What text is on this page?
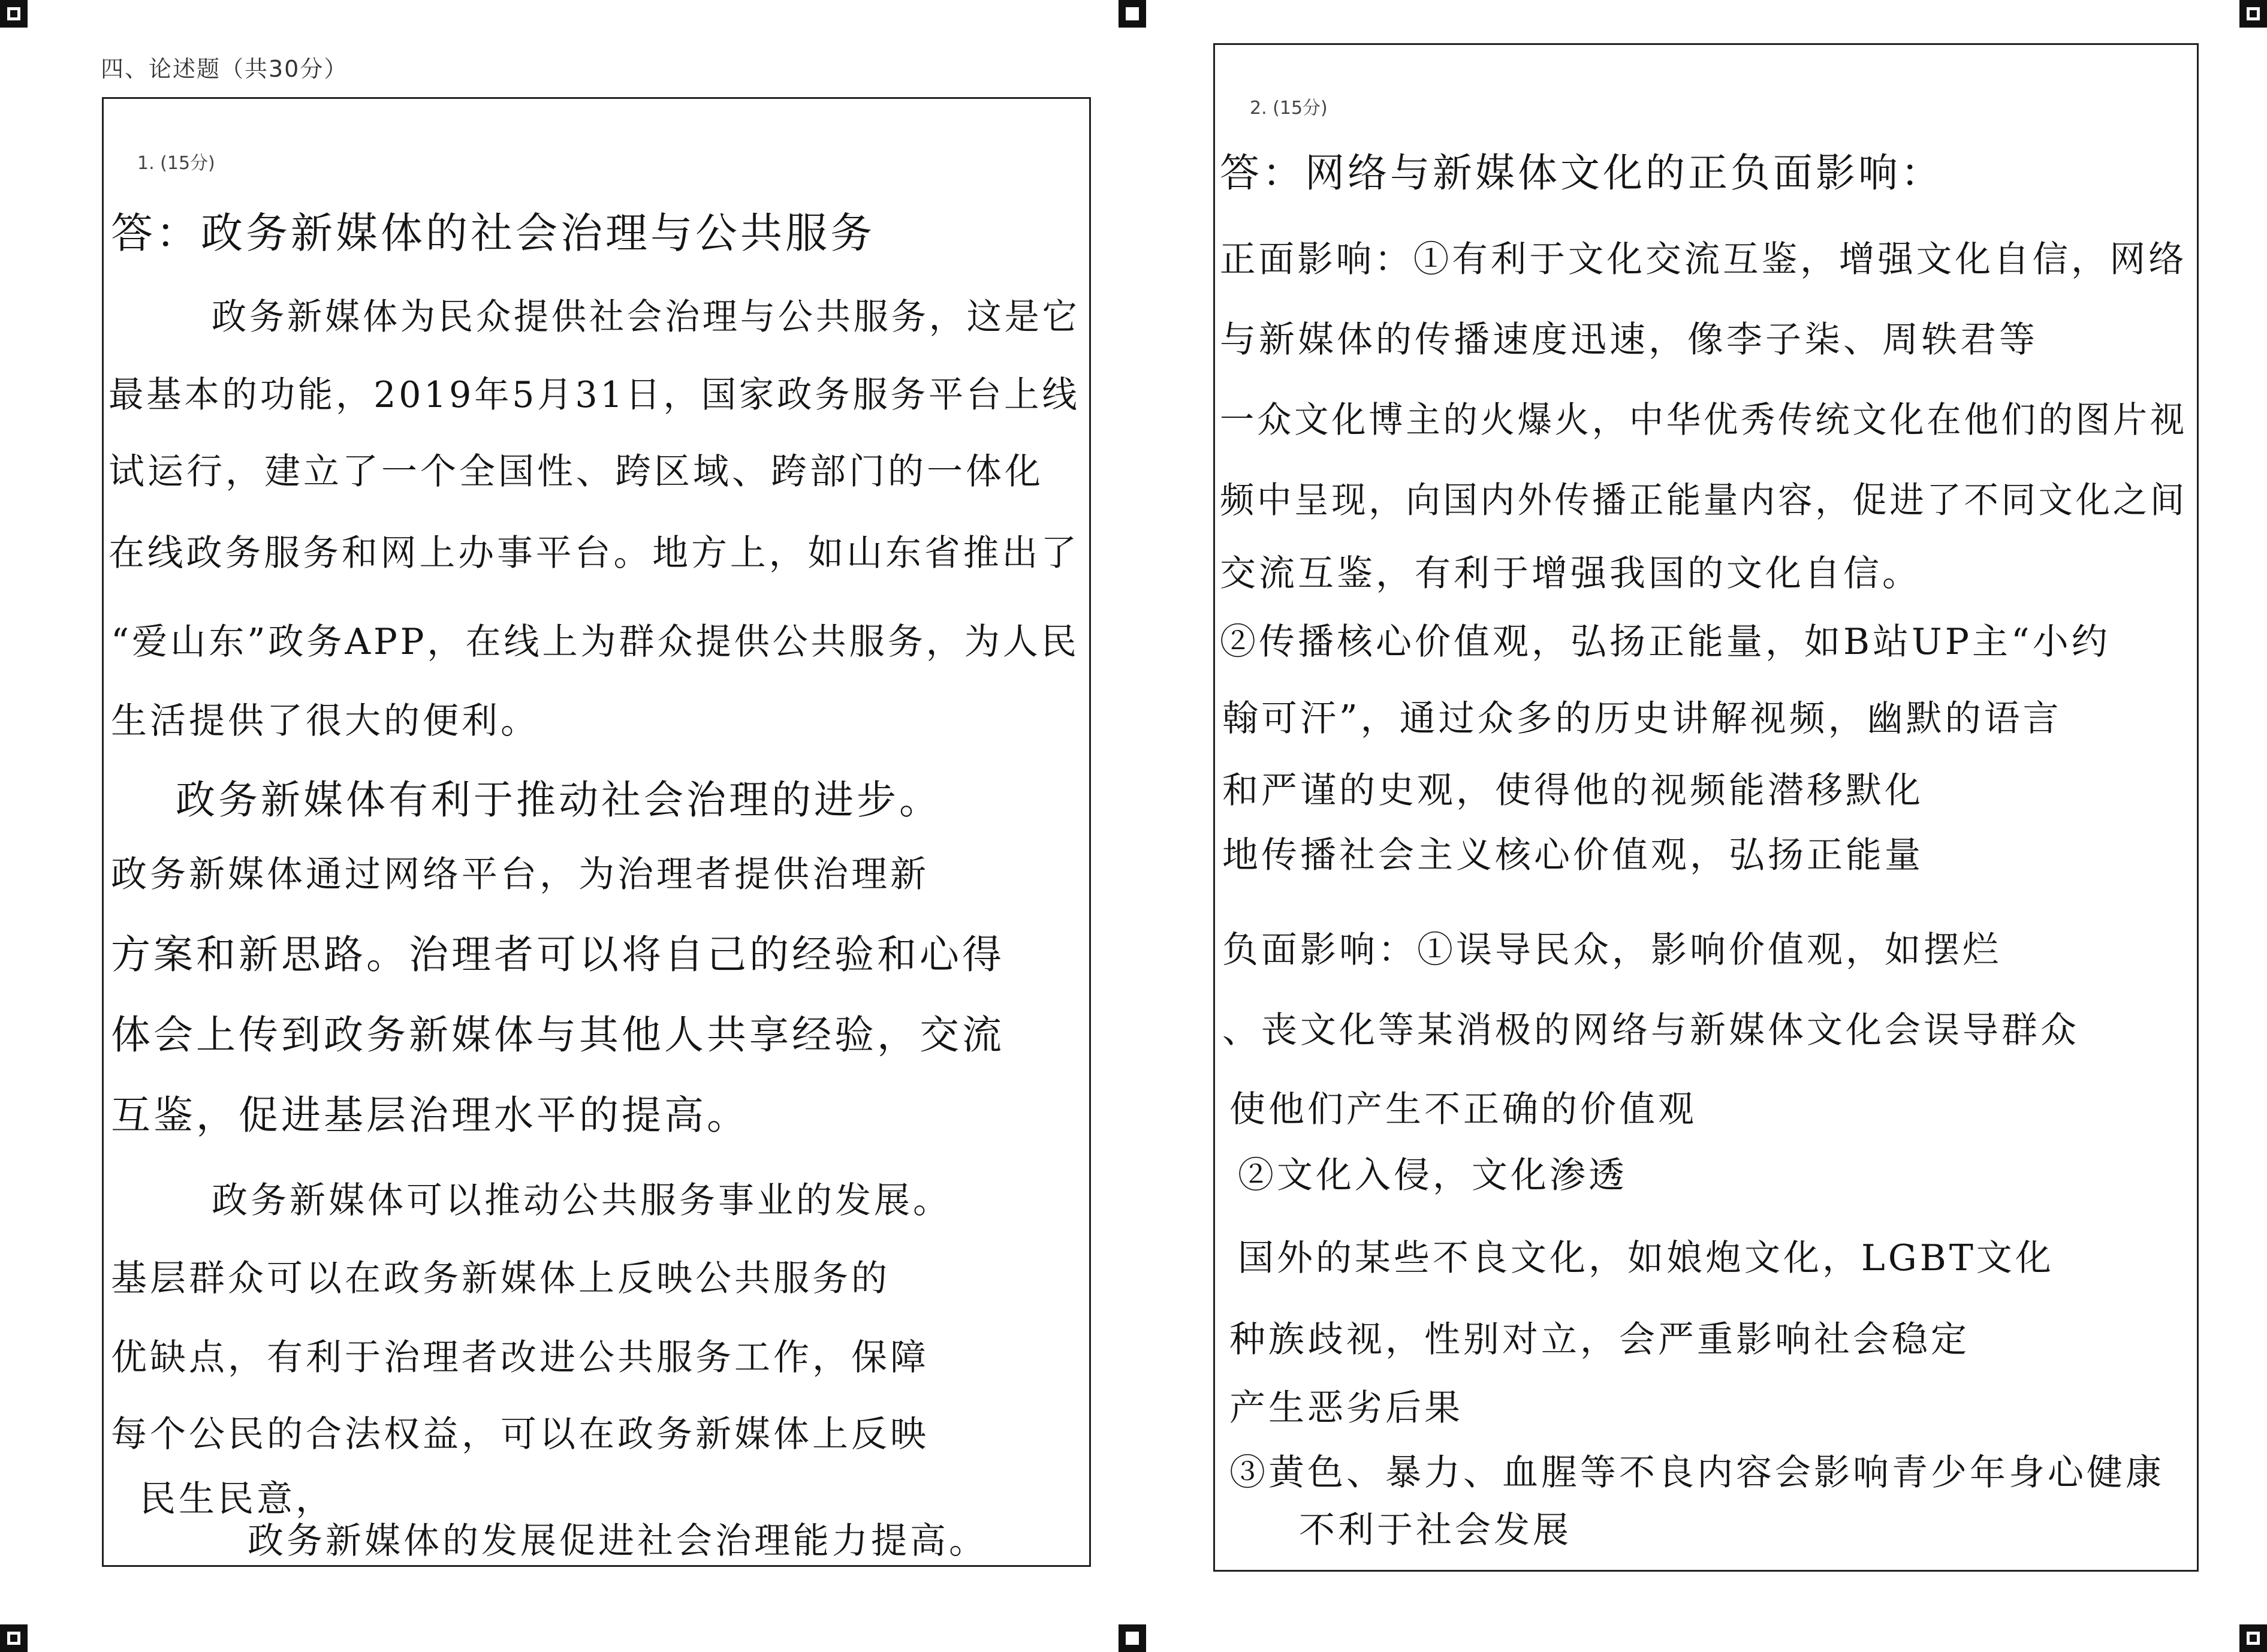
四、论述题（共30分）
1. (15分)
答：政务新媒体的社会治理与公共服务
政务新媒体为民众提供社会治理与公共服务，这是它
最基本的功能，2019年5月31日，国家政务服务平台上线
试运行，建立了一个全国性、跨区域、跨部门的一体化
在线政务服务和网上办事平台。地方上，如山东省推出了
“爱山东”政务APP，在线上为群众提供公共服务，为人民
生活提供了很大的便利。
政务新媒体有利于推动社会治理的进步。
政务新媒体通过网络平台，为治理者提供治理新
方案和新思路。治理者可以将自己的经验和心得
体会上传到政务新媒体与其他人共享经验，交流
互鉴，促进基层治理水平的提高。
政务新媒体可以推动公共服务事业的发展。
基层群众可以在政务新媒体上反映公共服务的
优缺点，有利于治理者改进公共服务工作，保障
每个公民的合法权益，可以在政务新媒体上反映
民生民意，
政务新媒体的发展促进社会治理能力提高。
2. (15分)
答：网络与新媒体文化的正负面影响：
正面影响：①有利于文化交流互鉴，增强文化自信，网络
与新媒体的传播速度迅速，像李子柒、周轶君等
一众文化博主的火爆火，中华优秀传统文化在他们的图片视
频中呈现，向国内外传播正能量内容，促进了不同文化之间
交流互鉴，有利于增强我国的文化自信。
②传播核心价值观，弘扬正能量，如B站UP主“小约
翰可汗”，通过众多的历史讲解视频，幽默的语言
和严谨的史观，使得他的视频能潜移默化
地传播社会主义核心价值观，弘扬正能量
负面影响：①误导民众，影响价值观，如摆烂
、丧文化等某消极的网络与新媒体文化会误导群众
使他们产生不正确的价值观
②文化入侵，文化渗透
国外的某些不良文化，如娘炮文化，LGBT文化
种族歧视，性别对立，会严重影响社会稳定
产生恶劣后果
③黄色、暴力、血腥等不良内容会影响青少年身心健康
不利于社会发展
